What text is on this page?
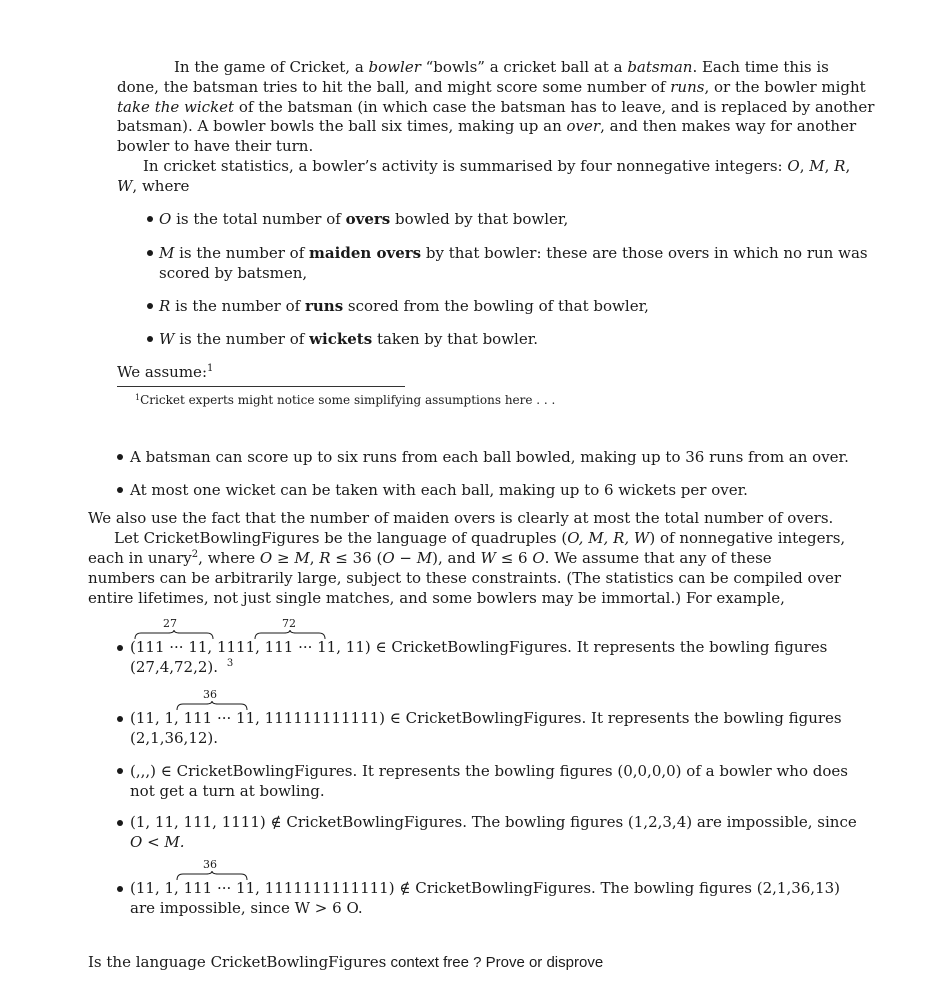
In the game of Cricket, a bowler “bowls” a cricket ball at a batsman. Each time this is
done, the batsman tries to hit the ball, and might score some number of runs, or the bowler might
take the wicket of the batsman (in which case the batsman has to leave, and is replaced by another
batsman). A bowler bowls the ball six times, making up an over, and then makes way for another
bowler to have their turn.
In cricket statistics, a bowler’s activity is summarised by four nonnegative integers: O, M, R,
W, where
O is the total number of overs bowled by that bowler,
M is the number of maiden overs by that bowler: these are those overs in which no run was
scored by batsmen,
R is the number of runs scored from the bowling of that bowler,
W is the number of wickets taken by that bowler.
We assume:$^1$
$^1$Cricket experts might notice some simplifying assumptions here . . .
A batsman can score up to six runs from each ball bowled, making up to 36 runs from an over.
At most one wicket can be taken with each ball, making up to 6 wickets per over.
We also use the fact that the number of maiden overs is clearly at most the total number of overs.
Let CricketBowlingFigures be the language of quadruples (O, M, R, W) of nonnegative integers,
each in unary$^2$, where O ≥ M, R ≤ 36 (O − M), and W ≤ 6 O. We assume that any of these
numbers can be arbitrarily large, subject to these constraints. (The statistics can be compiled over
entire lifetimes, not just single matches, and some bowlers may be immortal.) For example,
27	72
(111 ··· 11, 1111, 111 ··· 11, 11) ∈ CricketBowlingFigures. It represents the bowling figures
(27,4,72,2). $^3$
36
(11, 1, 111 ··· 11, 111111111111) ∈ CricketBowlingFigures. It represents the bowling figures
(2,1,36,12).
(,,,) ∈ CricketBowlingFigures. It represents the bowling figures (0,0,0,0) of a bowler who does
not get a turn at bowling.
(1, 11, 111, 1111) ∉ CricketBowlingFigures. The bowling figures (1,2,3,4) are impossible, since
O < M.
36
(11, 1, 111 ··· 11, 1111111111111) ∉ CricketBowlingFigures. The bowling figures (2,1,36,13)
are impossible, since W > 6 O.
Is the language CricketBowlingFigures context free ? Prove or disprove
